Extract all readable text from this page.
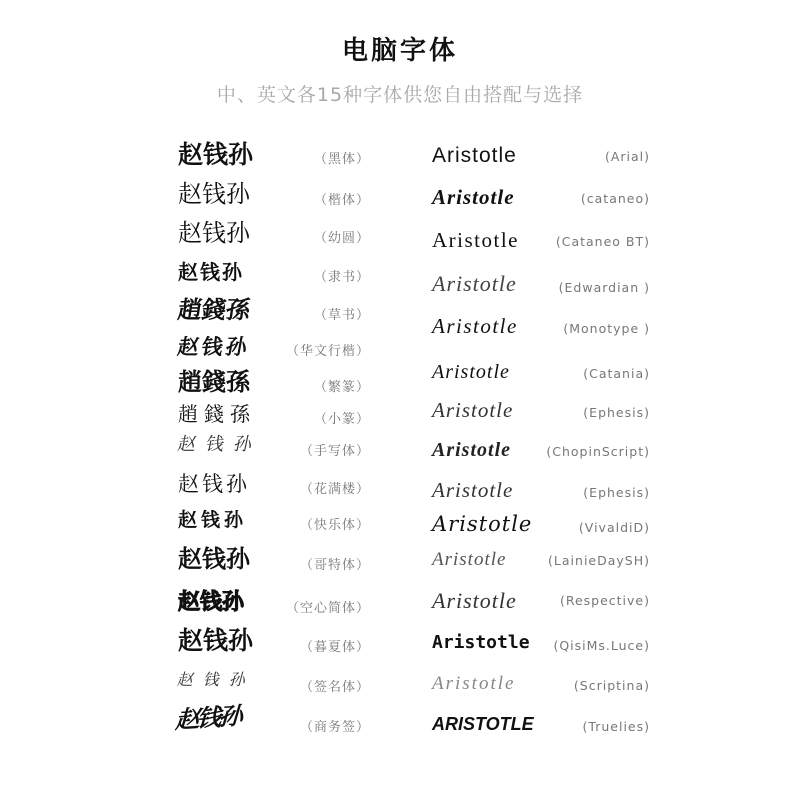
电脑字体
中、英文各15种字体供您自由搭配与选择
赵钱孙	（黑体）
赵钱孙	（楷体）
赵钱孙	（幼圆）
赵钱孙	（隶书）
趙錢孫	（草书）
赵钱孙	（华文行楷）
趙錢孫	（繁篆）
趙錢孫	（小篆）
赵钱孙	（手写体）
赵钱孙	（花满楼）
赵钱孙	（快乐体）
赵钱孙	（哥特体）
赵钱孙	（空心简体）
赵钱孙	（暮夏体）
赵钱孙	（签名体）
赵钱孙	（商务签）
Aristotle	(Arial)
Aristotle	(cataneo)
Aristotle	(Cataneo BT)
Aristotle	(Edwardian )
Aristotle	(Monotype )
Aristotle	(Catania)
Aristotle	(Ephesis)
Aristotle	(ChopinScript)
Aristotle	(Ephesis)
Aristotle	(VivaldiD)
Aristotle	(LainieDaySH)
Aristotle	(Respective)
Aristotle	(QisiMs.Luce)
Aristotle	(Scriptina)
ARISTOTLE	(Truelies)
